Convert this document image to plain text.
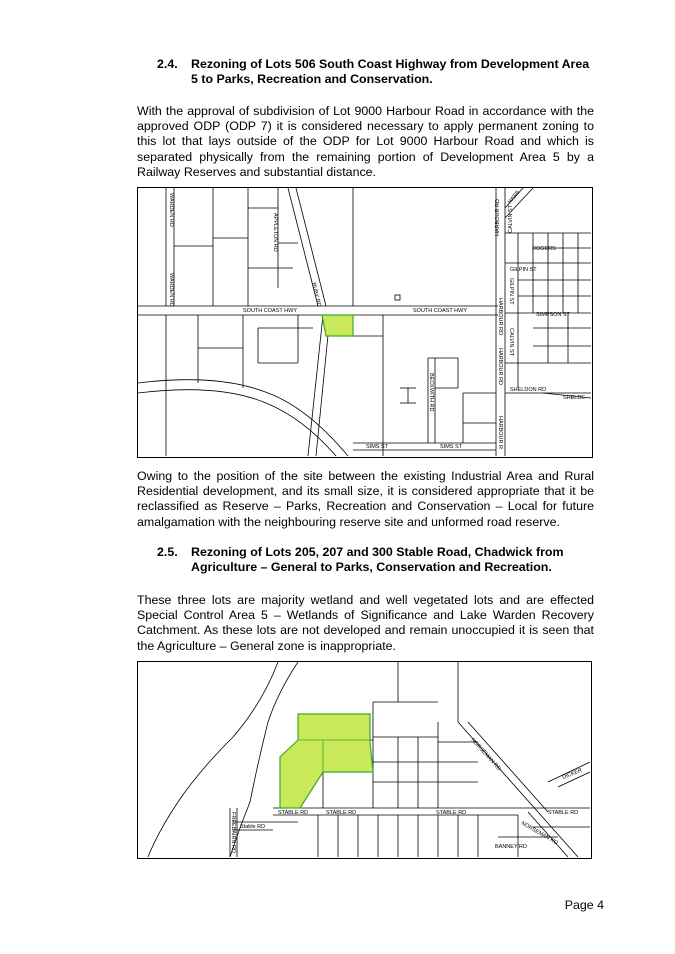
2.4. Rezoning of Lots 506 South Coast Highway from Development Area 5 to Parks, Recreation and Conservation.

With the approval of subdivision of Lot 9000 Harbour Road in accordance with the approved ODP (ODP 7) it is considered necessary to apply permanent zoning to this lot that lays outside of the ODP for Lot 9000 Harbour Road and which is separated physically from the remaining portion of Development Area 5 by a Railway Reserves and substantial distance.

SOUTH COAST HWY	SOUTH COAST HWY
ROGERS
GILPIN ST
SIMPSON ST
SHELDON RD
SHELDE
SIMS ST	SIMS ST
WARDEN RD
WARDEN RD
APPLETON RD
RUBY RD
HARBOUR RD
HARBOUR RD
HARBOUR RD
HARBOUR R
HARB
CALVIN ST
GILPIN ST
CALVIN ST
BECKWITH RD

Owing to the position of the site between the existing Industrial Area and Rural Residential development, and its small size, it is considered appropriate that it be reclassified as Reserve – Parks, Recreation and Conservation – Local for future amalgamation with the neighbouring reserve site and unformed road reserve.

2.5. Rezoning of Lots 205, 207 and 300 Stable Road, Chadwick from Agriculture – General to Parks, Conservation and Recreation.

These three lots are majority wetland and well vegetated lots and are effected Special Control Area 5 – Wetlands of Significance and Lake Warden Recovery Catchment. As these lots are not developed and remain unoccupied it is seen that the Agriculture – General zone is inappropriate.

STABLE RD	STABLE RD	STABLE RD
Stable RD
STABLE RD
BANNEY RD
DICKER
NORSEMAN RD
NORSEMAN RD
FREEBAIRN RD
Page 4
